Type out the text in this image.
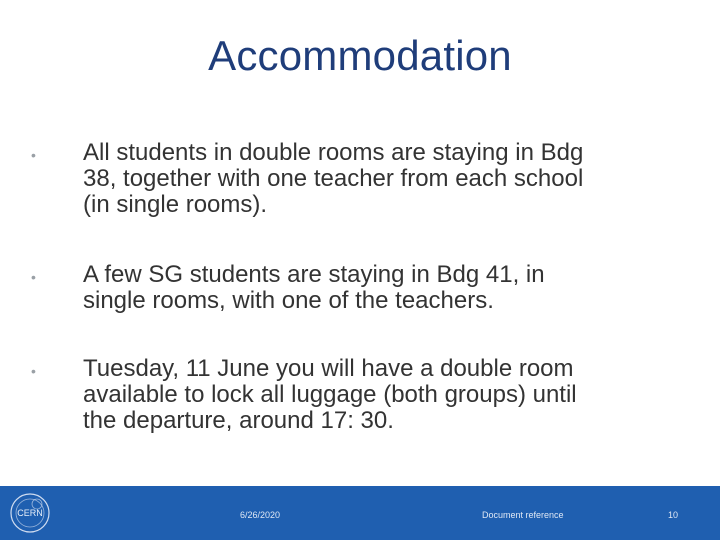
Accommodation
• All students in double rooms are staying in Bdg
38, together with one teacher from each school
(in single rooms).
• A few SG students are staying in Bdg 41, in
single rooms, with one of the teachers.
• Tuesday, 11 June you will have a double room
available to lock all luggage (both groups) until
the departure, around 17: 30.
CERN	6/26/2020	Document reference	10
